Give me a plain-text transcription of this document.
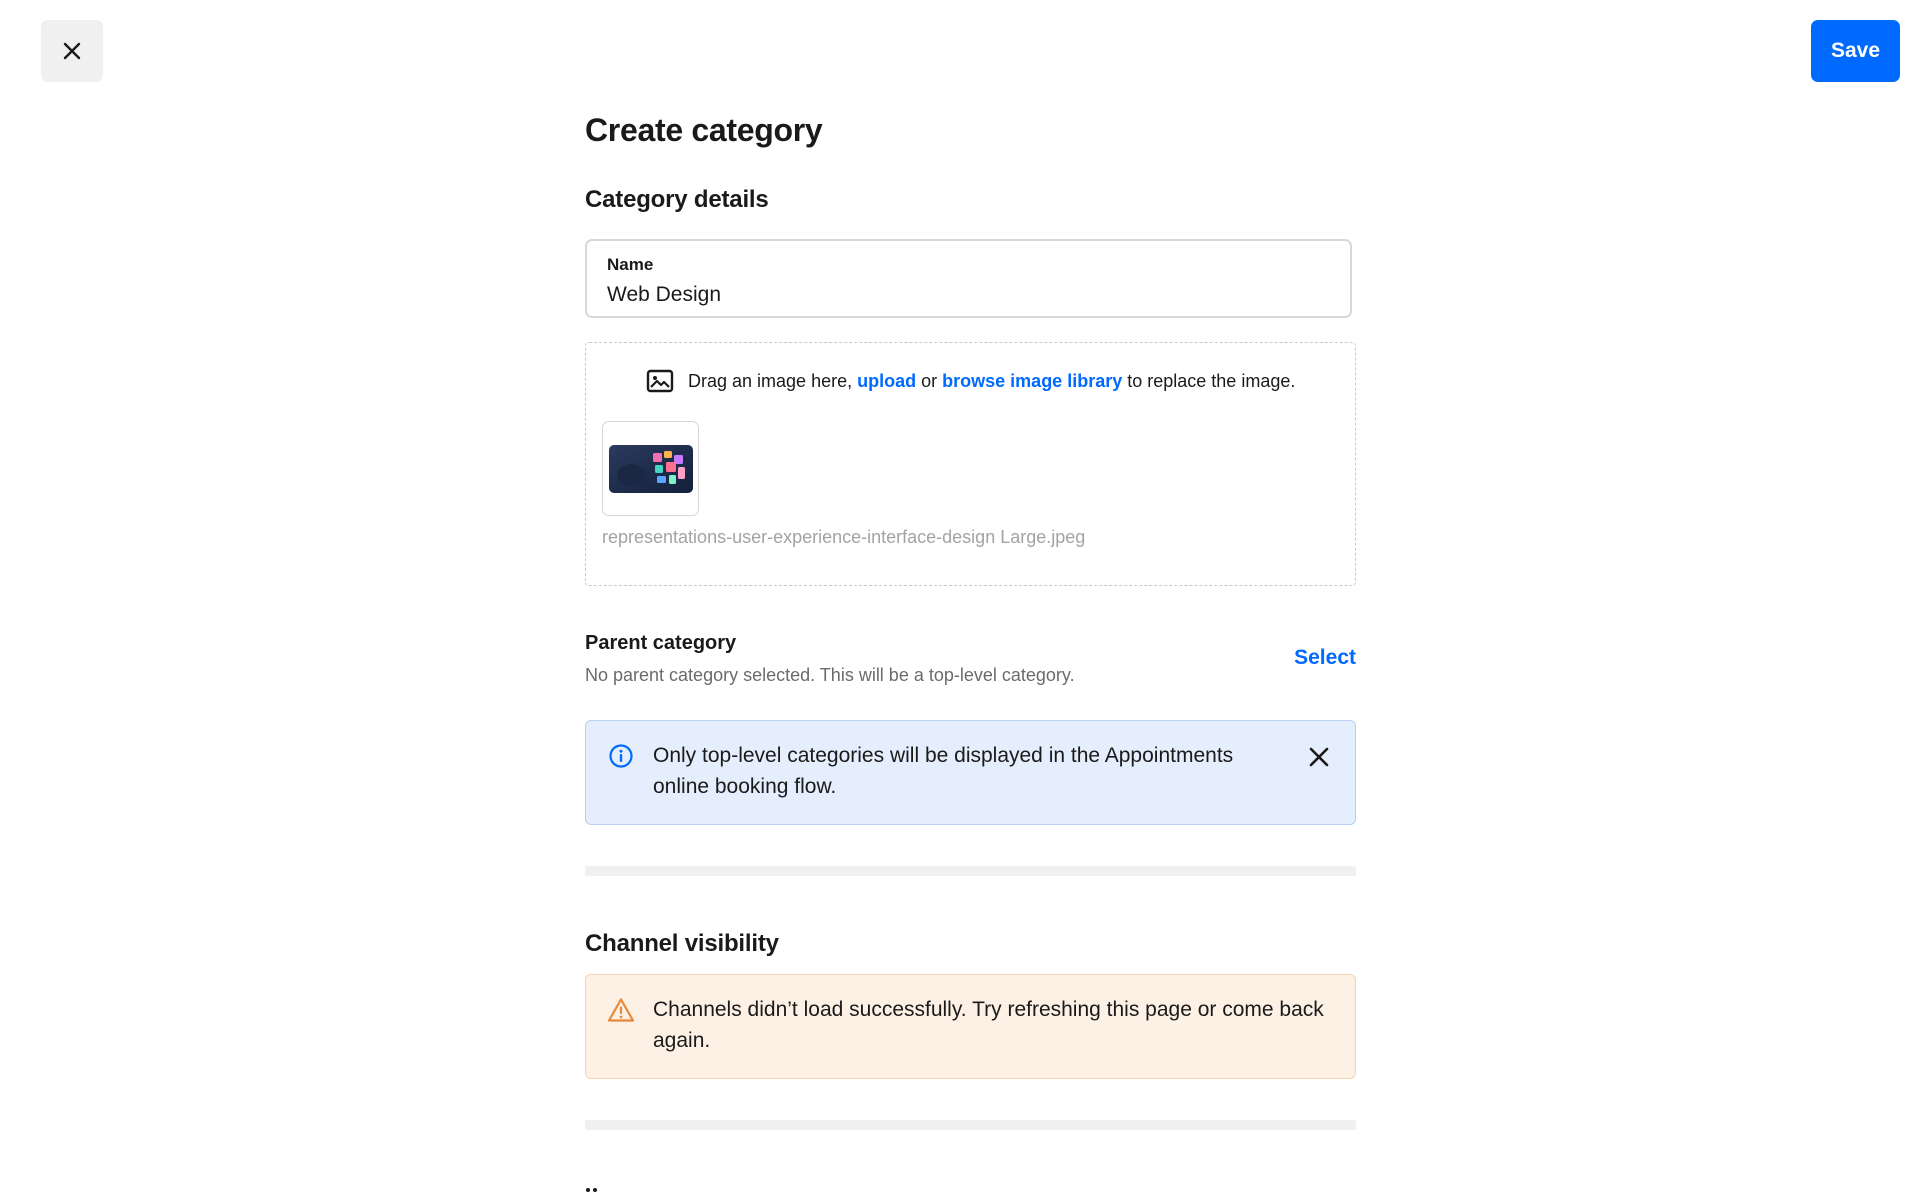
Save
Create category
Category details
Name
Web Design
Drag an image here,
upload
or
browse image library
to replace the image.
representations-user-experience-interface-design Large.jpeg
Parent category
No parent category selected. This will be a top-level category.
Select
Only top-level categories will be displayed in the Appointments online booking flow.
Channel visibility
Channels didn’t load successfully. Try refreshing this page or come back again.
